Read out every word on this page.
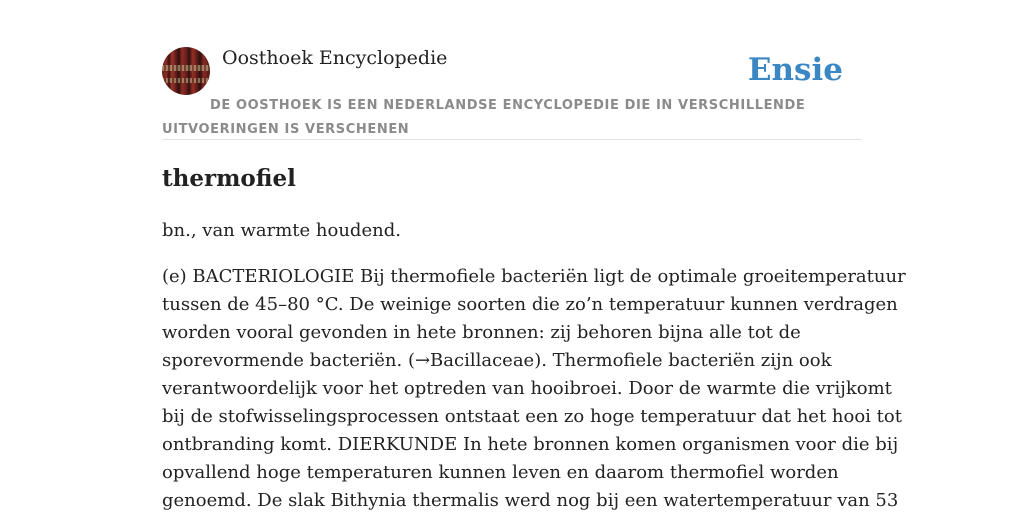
Oosthoek Encyclopedie	Ensie
DE OOSTHOEK IS EEN NEDERLANDSE ENCYCLOPEDIE DIE IN VERSCHILLENDE UITVOERINGEN IS VERSCHENEN
thermofiel

bn., van warmte houdend.

(e) BACTERIOLOGIE Bij thermofiele bacteriën ligt de optimale groeitemperatuur
tussen de 45–80 °C. De weinige soorten die zo’n temperatuur kunnen verdragen
worden vooral gevonden in hete bronnen: zij behoren bijna alle tot de
sporevormende bacteriën. (→Bacillaceae). Thermofiele bacteriën zijn ook
verantwoordelijk voor het optreden van hooibroei. Door de warmte die vrijkomt
bij de stofwisselingsprocessen ontstaat een zo hoge temperatuur dat het hooi tot
ontbranding komt. DIERKUNDE In hete bronnen komen organismen voor die bij
opvallend hoge temperaturen kunnen leven en daarom thermofiel worden
genoemd. De slak Bithynia thermalis werd nog bij een watertemperatuur van 53
